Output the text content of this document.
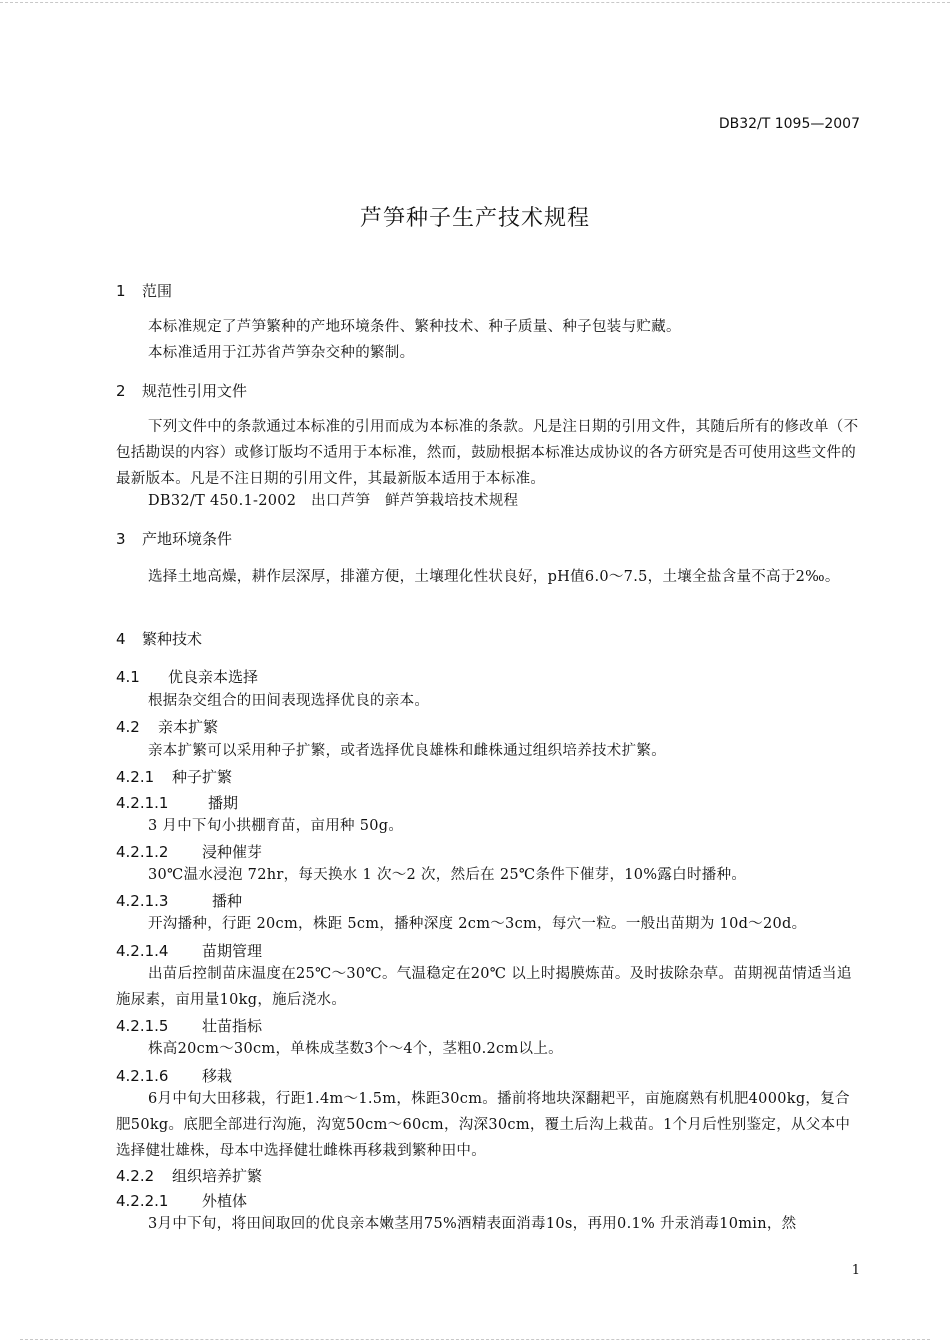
DB32/T 1095—2007
芦笋种子生产技术规程
1 范围
本标准规定了芦笋繁种的产地环境条件、繁种技术、种子质量、种子包装与贮藏。
本标准适用于江苏省芦笋杂交种的繁制。
2 规范性引用文件
下列文件中的条款通过本标准的引用而成为本标准的条款。凡是注日期的引用文件，其随后所有的修改单（不包括勘误的内容）或修订版均不适用于本标准，然而，鼓励根据本标准达成协议的各方研究是否可使用这些文件的最新版本。凡是不注日期的引用文件，其最新版本适用于本标准。
DB32/T 450.1-2002　出口芦笋　鲜芦笋栽培技术规程
3 产地环境条件
选择土地高燥，耕作层深厚，排灌方便，土壤理化性状良好，pH值6.0～7.5，土壤全盐含量不高于2‰。
4 繁种技术
4.1 优良亲本选择
根据杂交组合的田间表现选择优良的亲本。
4.2 亲本扩繁
亲本扩繁可以采用种子扩繁，或者选择优良雄株和雌株通过组织培养技术扩繁。
4.2.1 种子扩繁
4.2.1.1	播期
3 月中下旬小拱棚育苗，亩用种 50g。
4.2.1.2 浸种催芽
30℃温水浸泡 72hr，每天换水 1 次～2 次，然后在 25℃条件下催芽，10%露白时播种。
4.2.1.3	播种
开沟播种，行距 20cm，株距 5cm，播种深度 2cm～3cm，每穴一粒。一般出苗期为 10d～20d。
4.2.1.4 苗期管理
出苗后控制苗床温度在25℃～30℃。气温稳定在20℃ 以上时揭膜炼苗。及时拔除杂草。苗期视苗情适当追施尿素，亩用量10kg，施后浇水。
4.2.1.5 壮苗指标
株高20cm～30cm，单株成茎数3个～4个，茎粗0.2cm以上。
4.2.1.6 移栽
6月中旬大田移栽，行距1.4m～1.5m，株距30cm。播前将地块深翻耙平，亩施腐熟有机肥4000kg，复合肥50kg。底肥全部进行沟施，沟宽50cm～60cm，沟深30cm，覆土后沟上栽苗。1个月后性别鉴定，从父本中选择健壮雄株，母本中选择健壮雌株再移栽到繁种田中。
4.2.2 组织培养扩繁
4.2.2.1 外植体
3月中下旬，将田间取回的优良亲本嫩茎用75%酒精表面消毒10s，再用0.1% 升汞消毒10min，然
1
